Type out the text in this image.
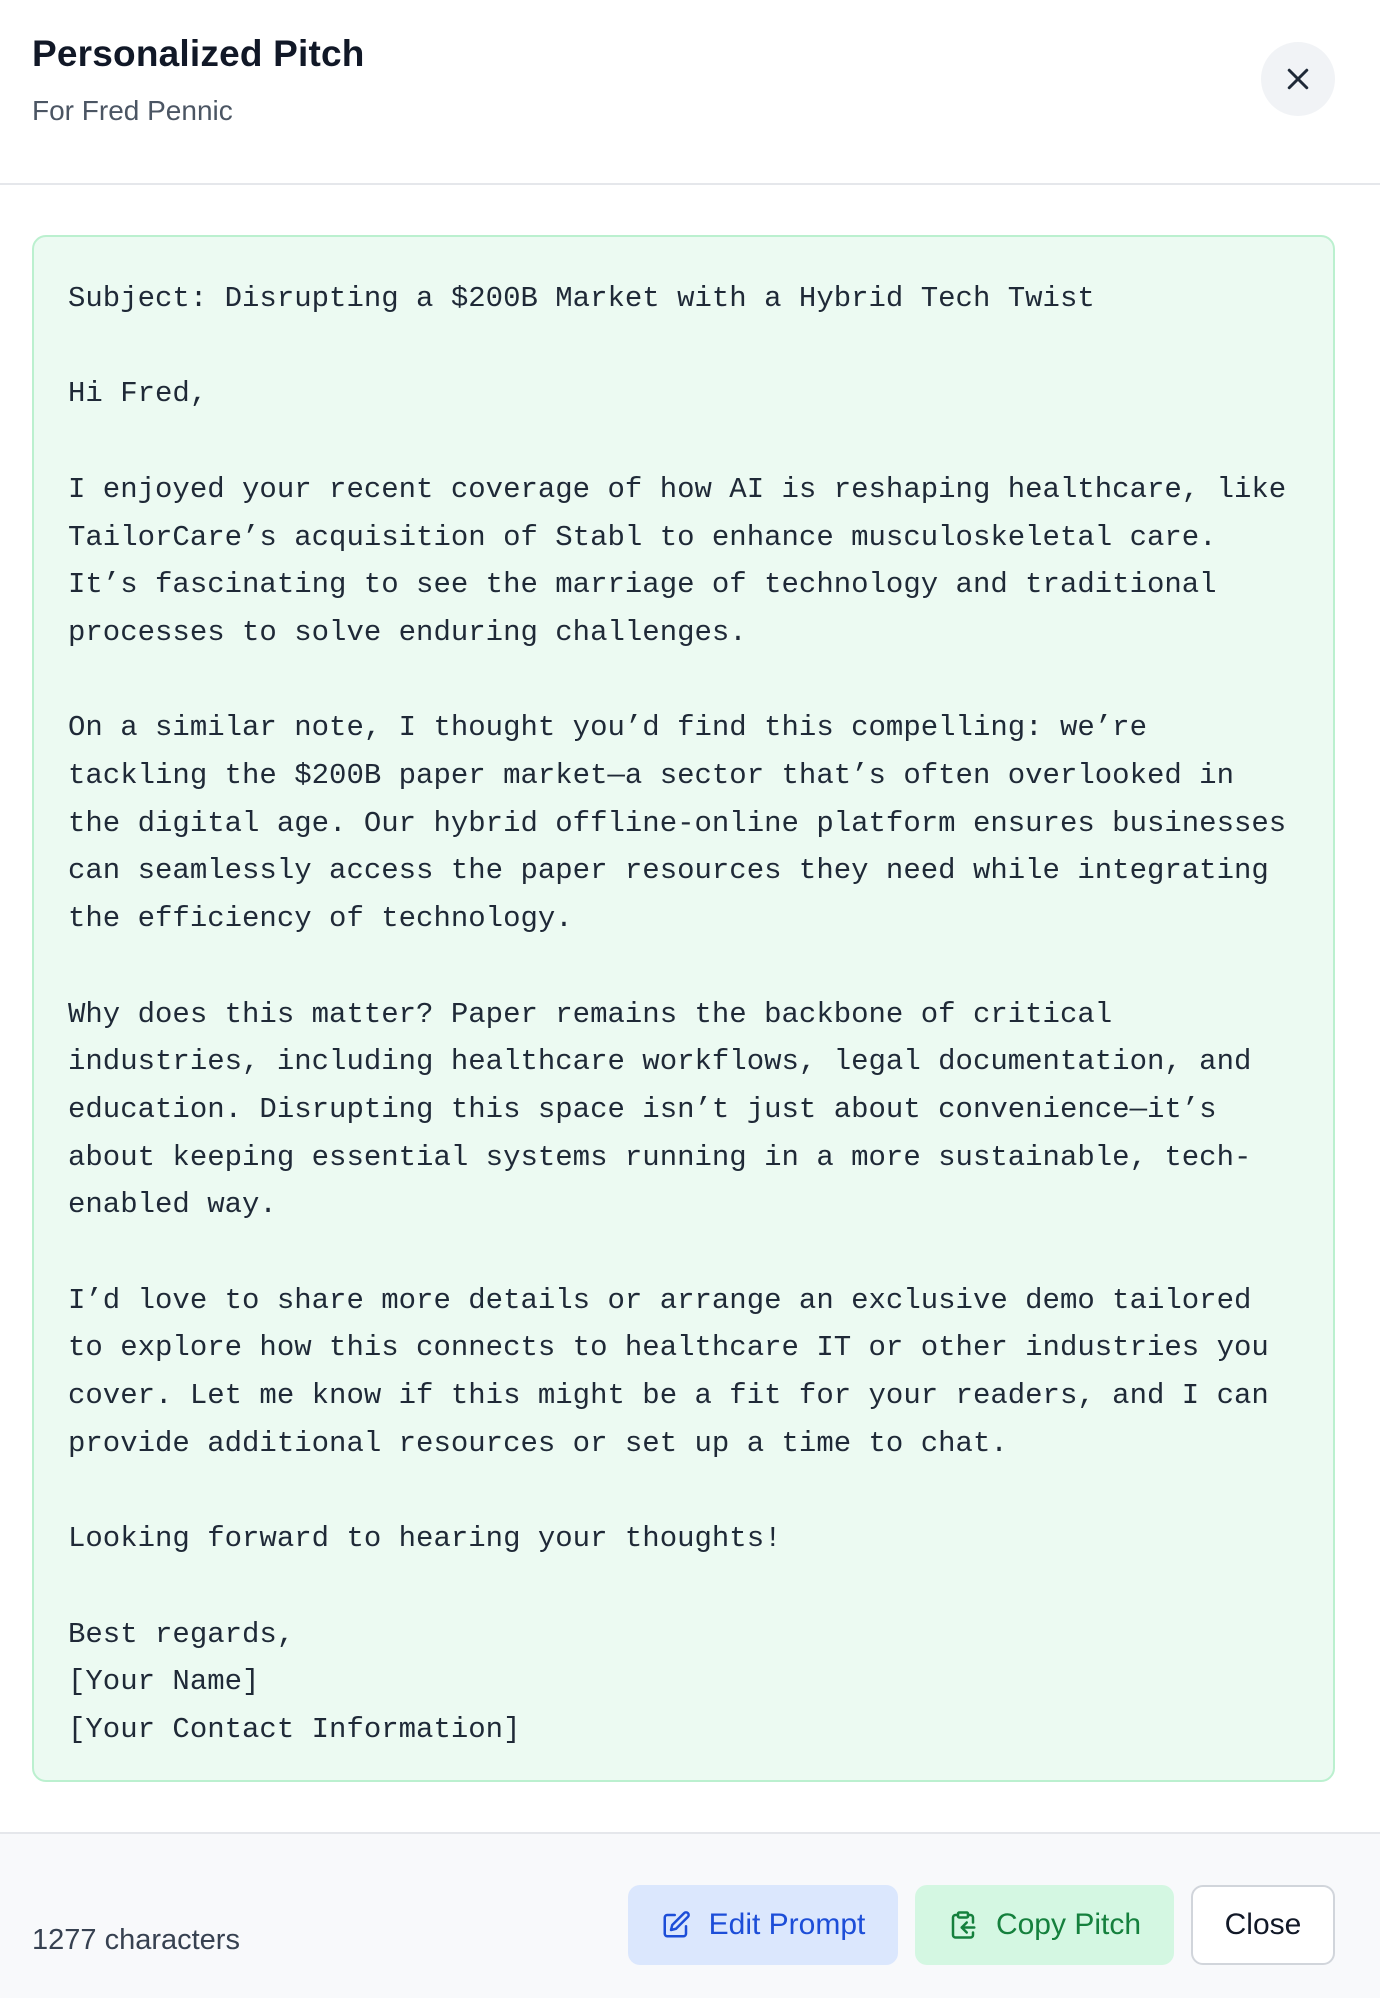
Personalized Pitch
For Fred Pennic
Subject: Disrupting a $200B Market with a Hybrid Tech Twist

Hi Fred,

I enjoyed your recent coverage of how AI is reshaping healthcare, like TailorCare’s acquisition of Stabl to enhance musculoskeletal care. It’s fascinating to see the marriage of technology and traditional processes to solve enduring challenges.

On a similar note, I thought you’d find this compelling: we’re tackling the $200B paper market—a sector that’s often overlooked in the digital age. Our hybrid offline-online platform ensures businesses can seamlessly access the paper resources they need while integrating the efficiency of technology.

Why does this matter? Paper remains the backbone of critical industries, including healthcare workflows, legal documentation, and education. Disrupting this space isn’t just about convenience—it’s about keeping essential systems running in a more sustainable, tech-enabled way.

I’d love to share more details or arrange an exclusive demo tailored to explore how this connects to healthcare IT or other industries you cover. Let me know if this might be a fit for your readers, and I can provide additional resources or set up a time to chat.

Looking forward to hearing your thoughts!

Best regards,
[Your Name]
[Your Contact Information]
1277 characters	Edit Prompt	Copy Pitch	Close
